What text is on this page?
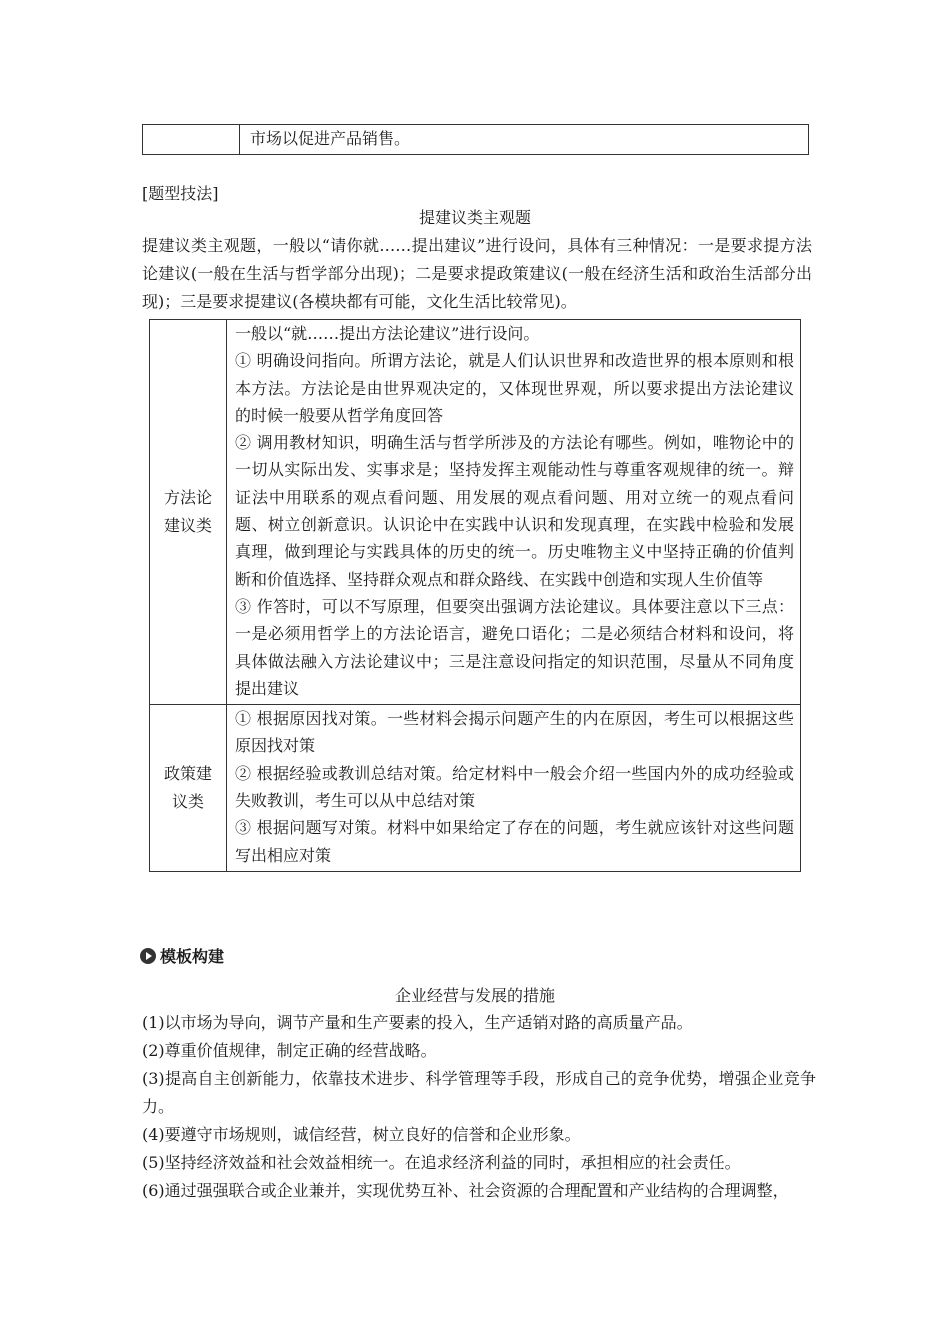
市场以促进产品销售。
[题型技法]
提建议类主观题
提建议类主观题，一般以“请你就……提出建议”进行设问，具体有三种情况：一是要求提方法论建议(一般在生活与哲学部分出现)；二是要求提政策建议(一般在经济生活和政治生活部分出现)；三是要求提建议(各模块都有可能，文化生活比较常见)。
方法论建议类

一般以“就……提出方法论建议”进行设问。

① 明确设问指向。所谓方法论，就是人们认识世界和改造世界的根本原则和根本方法。方法论是由世界观决定的，又体现世界观，所以要求提出方法论建议的时候一般要从哲学角度回答

② 调用教材知识，明确生活与哲学所涉及的方法论有哪些。例如，唯物论中的一切从实际出发、实事求是；坚持发挥主观能动性与尊重客观规律的统一。辩证法中用联系的观点看问题、用发展的观点看问题、用对立统一的观点看问题、树立创新意识。认识论中在实践中认识和发现真理，在实践中检验和发展真理，做到理论与实践具体的历史的统一。历史唯物主义中坚持正确的价值判断和价值选择、坚持群众观点和群众路线、在实践中创造和实现人生价值等

③ 作答时，可以不写原理，但要突出强调方法论建议。具体要注意以下三点：一是必须用哲学上的方法论语言，避免口语化；二是必须结合材料和设问，将具体做法融入方法论建议中；三是注意设问指定的知识范围，尽量从不同角度提出建议

政策建议类

① 根据原因找对策。一些材料会揭示问题产生的内在原因，考生可以根据这些原因找对策

② 根据经验或教训总结对策。给定材料中一般会介绍一些国内外的成功经验或失败教训，考生可以从中总结对策

③ 根据问题写对策。材料中如果给定了存在的问题，考生就应该针对这些问题写出相应对策

模板构建
企业经营与发展的措施

(1)以市场为导向，调节产量和生产要素的投入，生产适销对路的高质量产品。

(2)尊重价值规律，制定正确的经营战略。

(3)提高自主创新能力，依靠技术进步、科学管理等手段，形成自己的竞争优势，增强企业竞争力。

(4)要遵守市场规则，诚信经营，树立良好的信誉和企业形象。

(5)坚持经济效益和社会效益相统一。在追求经济利益的同时，承担相应的社会责任。

(6)通过强强联合或企业兼并，实现优势互补、社会资源的合理配置和产业结构的合理调整，
